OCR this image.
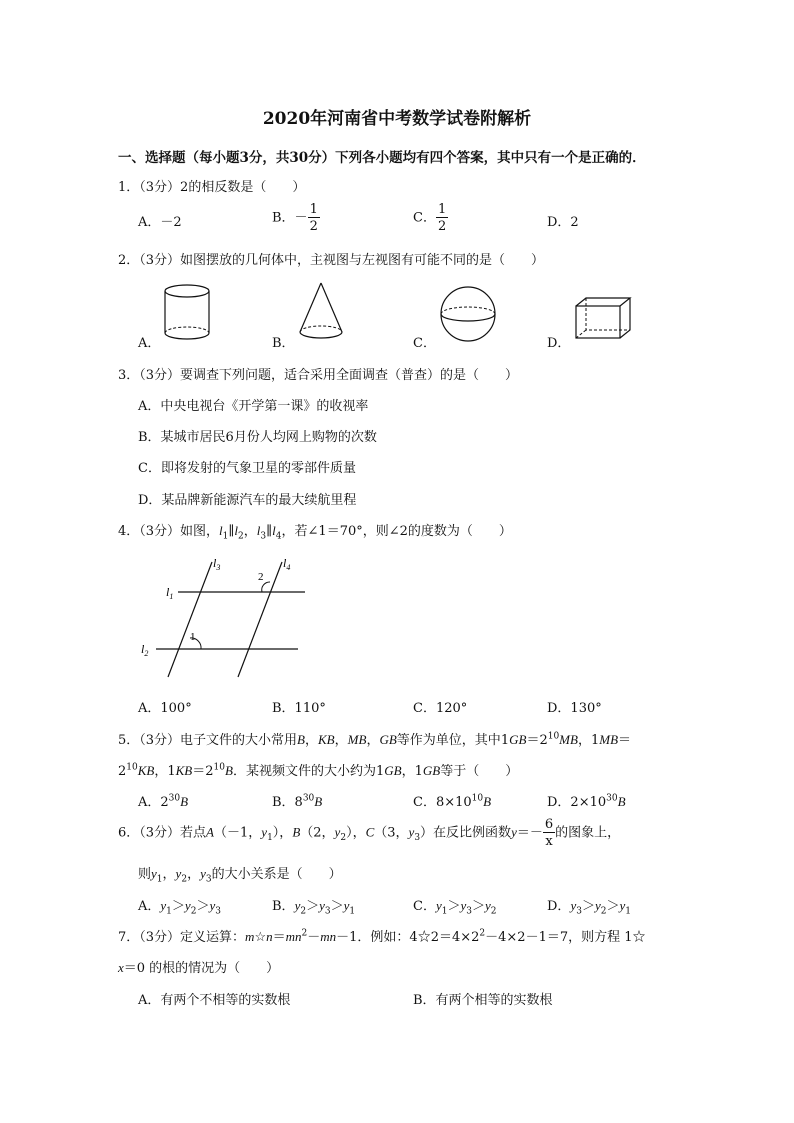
2020年河南省中考数学试卷附解析
一、选择题（每小题3分，共30分）下列各小题均有四个答案，其中只有一个是正确的．
1．（3分）2的相反数是（　　）
A．－2	B．－ $\frac{1}{2}$	C． $\frac{1}{2}$	D．2
2．（3分）如图摆放的几何体中，主视图与左视图有可能不同的是（　　）
A．	B．	C．	D．
3．（3分）要调查下列问题，适合采用全面调查（普查）的是（　　）
A．中央电视台《开学第一课》的收视率
B．某城市居民6月份人均网上购物的次数
C．即将发射的气象卫星的零部件质量
D．某品牌新能源汽车的最大续航里程
4．（3分）如图，$l_1\parallel l_2$，$l_3\parallel l_4$，若∠1＝70°，则∠2的度数为（　　）
$l_3$	$l_4$
$l_1$
$l_2$
1
2
A．100°	B．110°	C．120°	D．130°
5．（3分）电子文件的大小常用B，KB，MB，GB等作为单位，其中$1GB=2^{10}MB$，1MB＝
$2^{10}KB$，$1KB=2^{10}B$．某视频文件的大小约为1GB，1GB等于（　　）
A．$2^{30}B$	B．$8^{30}B$	C．$8\times 10^{10}B$	D．$2\times 10^{30}B$
6．（3分）若点A（－1，$y_1$），B（2，$y_2$），C（3，$y_3$）在反比例函数$y=- \frac{6}{x}$ 的图象上，
则$y_1$，$y_2$，$y_3$的大小关系是（　　）
A．$y_1>y_2>y_3$	B．$y_2>y_3>y_1$	C．$y_1>y_3>y_2$	D．$y_3>y_2>y_1$
7．（3分）定义运算：$m☆n=mn^2-mn-1$．例如：$4☆2=4\times 2^2-4\times 2-1=7$，则方程 1☆
x＝0 的根的情况为（　　）
A．有两个不相等的实数根	B．有两个相等的实数根
